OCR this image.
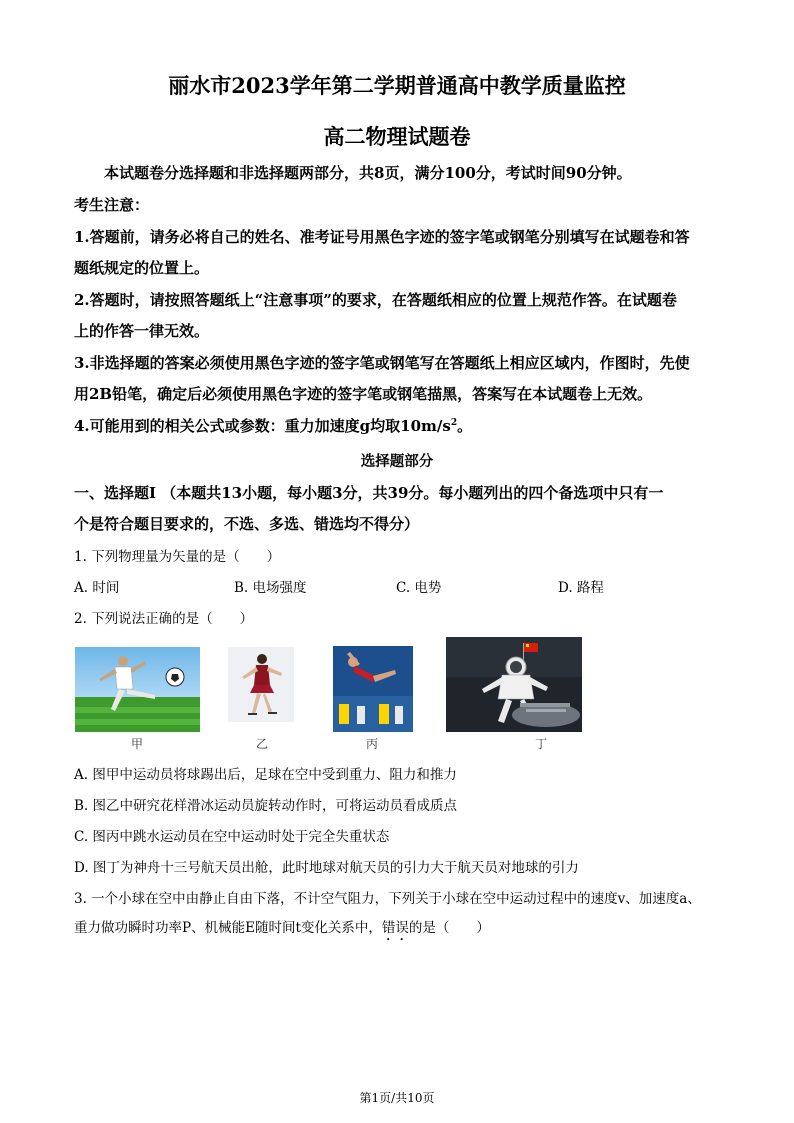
丽水市2023学年第二学期普通高中教学质量监控
高二物理试题卷
本试题卷分选择题和非选择题两部分，共8页，满分100分，考试时间90分钟。
考生注意：
1.答题前，请务必将自己的姓名、准考证号用黑色字迹的签字笔或钢笔分别填写在试题卷和答
题纸规定的位置上。
2.答题时，请按照答题纸上“注意事项”的要求，在答题纸相应的位置上规范作答。在试题卷
上的作答一律无效。
3.非选择题的答案必须使用黑色字迹的签字笔或钢笔写在答题纸上相应区域内，作图时，先使
用2B铅笔，确定后必须使用黑色字迹的签字笔或钢笔描黑，答案写在本试题卷上无效。
4.可能用到的相关公式或参数：重力加速度g均取$10m/s^2$。
选择题部分
一、选择题Ⅰ （本题共13小题，每小题3分，共39分。每小题列出的四个备选项中只有一
个是符合题目要求的，不选、多选、错选均不得分）
1. 下列物理量为矢量的是（　　）
A. 时间	B. 电场强度	C. 电势	D. 路程
2. 下列说法正确的是（　　）
甲	乙	丙	丁
A. 图甲中运动员将球踢出后，足球在空中受到重力、阻力和推力
B. 图乙中研究花样滑冰运动员旋转动作时，可将运动员看成质点
C. 图丙中跳水运动员在空中运动时处于完全失重状态
D. 图丁为神舟十三号航天员出舱，此时地球对航天员的引力大于航天员对地球的引力
3. 一个小球在空中由静止自由下落，不计空气阻力，下列关于小球在空中运动过程中的速度v、加速度a、
重力做功瞬时功率P、机械能E随时间t变化关系中，错误的是（　　）
第1页/共10页
